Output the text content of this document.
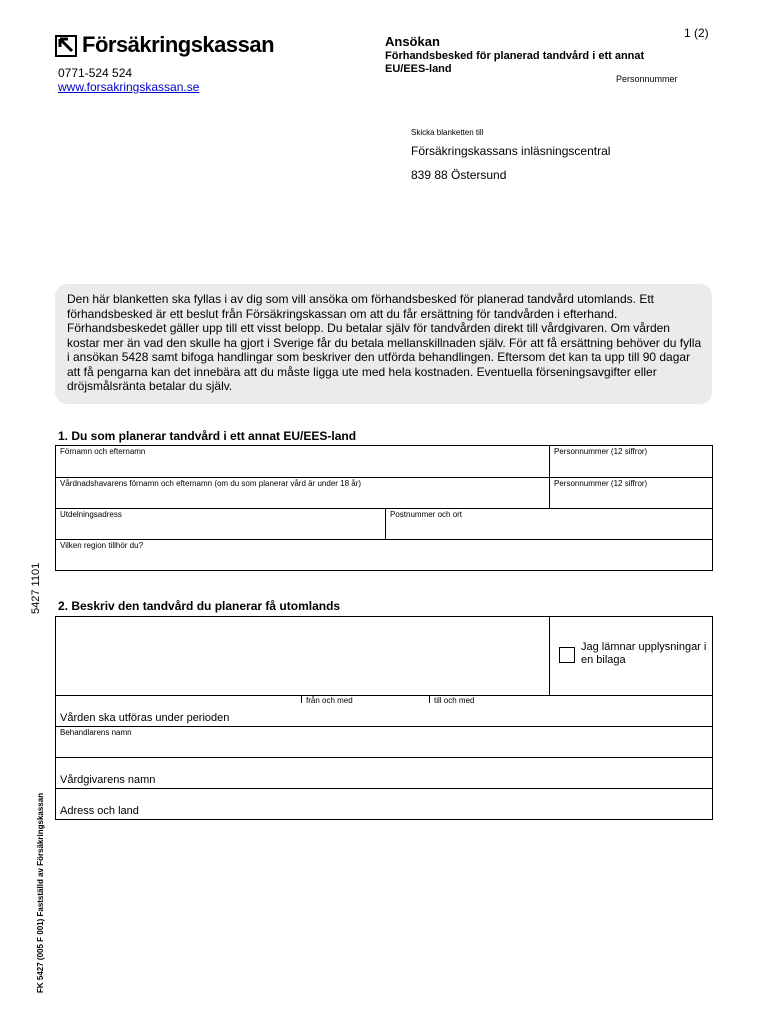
Försäkringskassan
0771-524 524
www.forsakringskassan.se
Ansökan
Förhandsbesked för planerad tandvård i ett annat EU/EES-land
1 (2)
Personnummer
Skicka blanketten till
Försäkringskassans inläsningscentral
839 88 Östersund
Den här blanketten ska fyllas i av dig som vill ansöka om förhandsbesked för planerad tandvård utomlands. Ett förhandsbesked är ett beslut från Försäkringskassan om att du får ersättning för tandvården i efterhand. Förhandsbeskedet gäller upp till ett visst belopp. Du betalar själv för tandvården direkt till vårdgivaren. Om vården kostar mer än vad den skulle ha gjort i Sverige får du betala mellanskillnaden själv. För att få ersättning behöver du fylla i ansökan 5428 samt bifoga handlingar som beskriver den utförda behandlingen. Eftersom det kan ta upp till 90 dagar att få pengarna kan det innebära att du måste ligga ute med hela kostnaden. Eventuella förseningsavgifter eller dröjsmålsränta betalar du själv.
1. Du som planerar tandvård i ett annat EU/EES-land
Förnamn och efternamn	Personnummer (12 siffror)
Vårdnadshavarens förnamn och efternamn (om du som planerar vård är under 18 år)	Personnummer (12 siffror)
Utdelningsadress	Postnummer och ort
Vilken region tillhör du?
5427 1101
FK 5427 (005 F 001) Fastställd av Försäkringskassan
2. Beskriv den tandvård du planerar få utomlands
Jag lämnar upplysningar i en bilaga
från och med	till och med
Vården ska utföras under perioden
Behandlarens namn
Vårdgivarens namn
Adress och land
